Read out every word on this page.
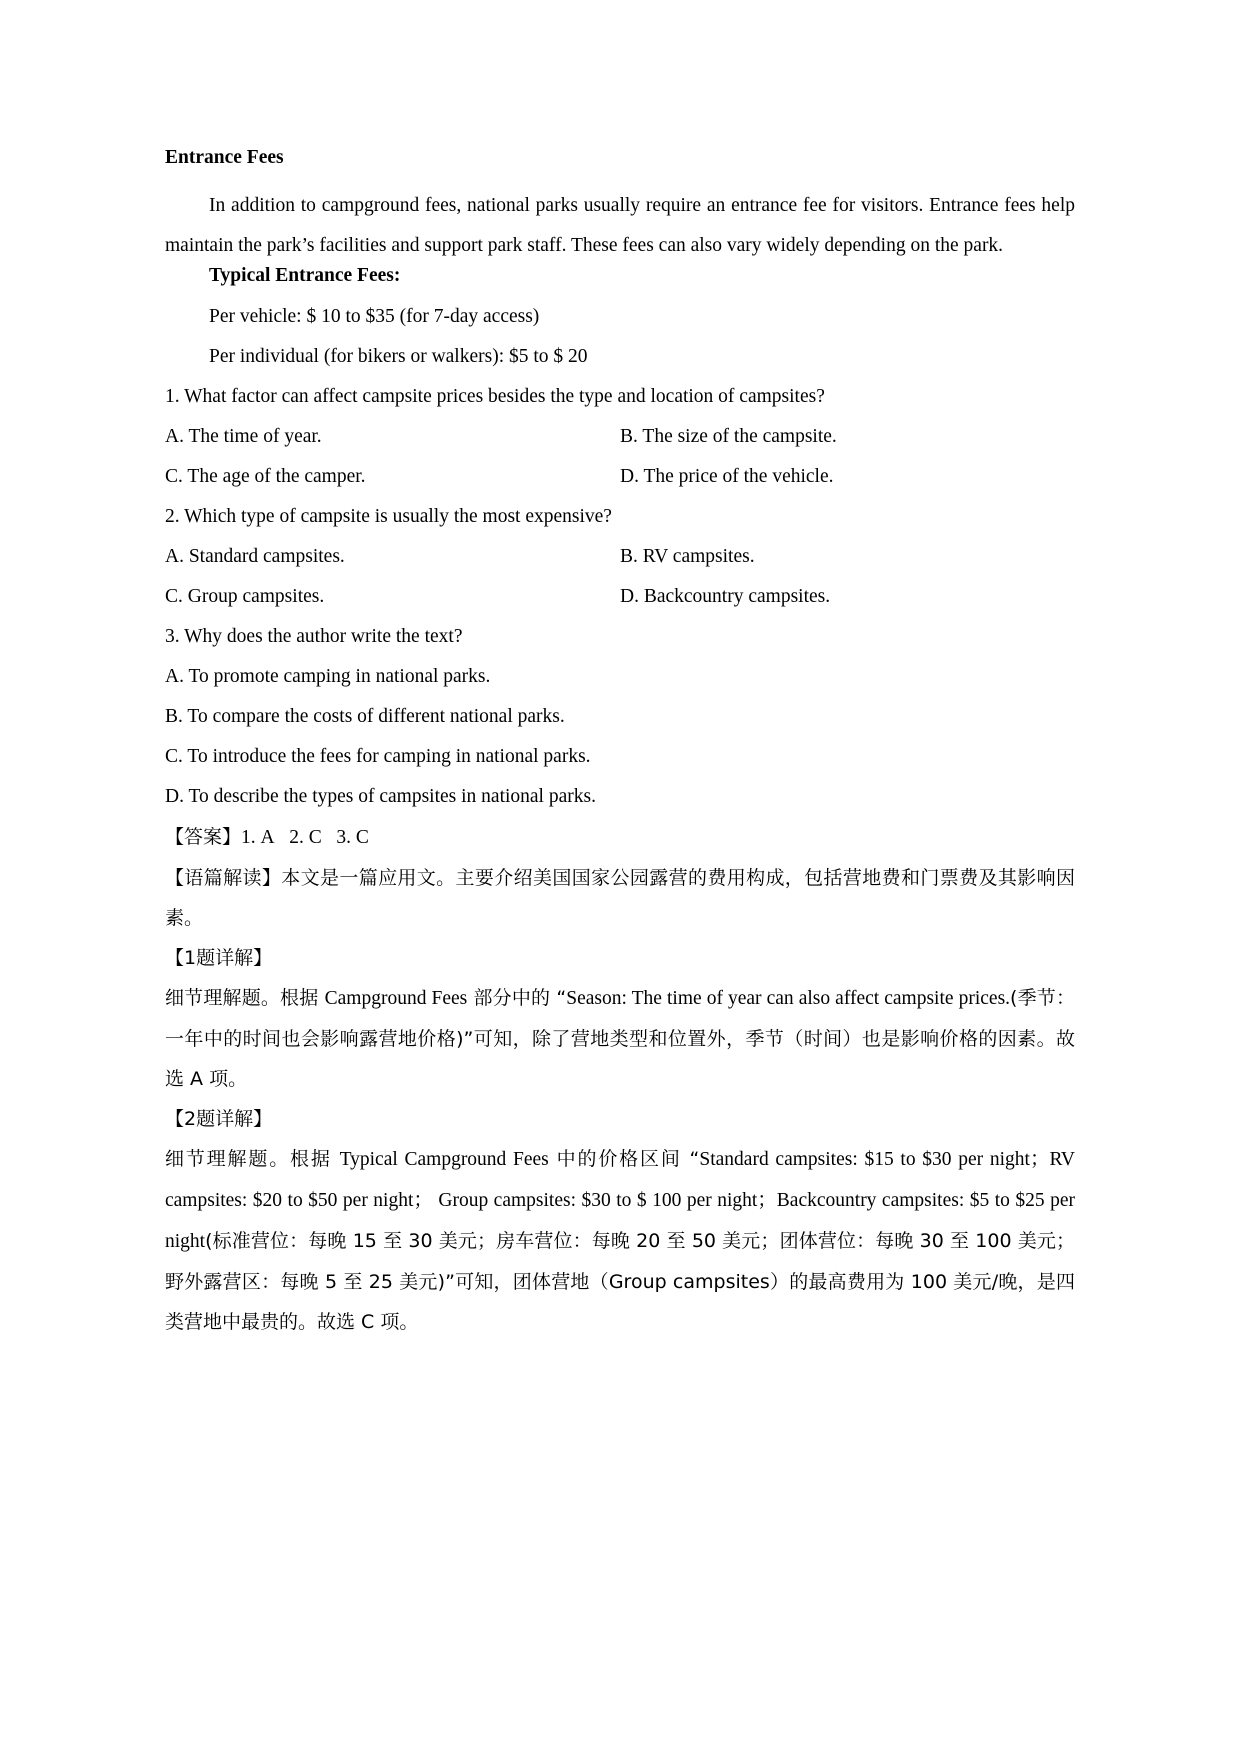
Entrance Fees

In addition to campground fees, national parks usually require an entrance fee for visitors. Entrance fees help maintain the park’s facilities and support park staff. These fees can also vary widely depending on the park.

Typical Entrance Fees:

Per vehicle: $ 10 to $35 (for 7-day access)

Per individual (for bikers or walkers): $5 to $ 20

1. What factor can affect campsite prices besides the type and location of campsites?

A. The time of year.	B. The size of the campsite.
C. The age of the camper.	D. The price of the vehicle.

2. Which type of campsite is usually the most expensive?

A. Standard campsites.	B. RV campsites.
C. Group campsites.	D. Backcountry campsites.

3. Why does the author write the text?

A. To promote camping in national parks.

B. To compare the costs of different national parks.

C. To introduce the fees for camping in national parks.

D. To describe the types of campsites in national parks.

【答案】1. A   2. C   3. C

【语篇解读】本文是一篇应用文。主要介绍美国国家公园露营的费用构成，包括营地费和门票费及其影响因素。

【1题详解】

细节理解题。根据 Campground Fees 部分中的 “Season: The time of year can also affect campsite prices.(季节：一年中的时间也会影响露营地价格)”可知，除了营地类型和位置外，季节（时间）也是影响价格的因素。故选 A 项。

【2题详解】

细节理解题。根据 Typical Campground Fees 中的价格区间 “Standard campsites: $15 to $30 per night；RV campsites: $20 to $50 per night； Group campsites: $30 to $ 100 per night；Backcountry campsites: $5 to $25 per night(标准营位：每晚 15 至 30 美元；房车营位：每晚 20 至 50 美元；团体营位：每晚 30 至 100 美元；野外露营区：每晚 5 至 25 美元)”可知，团体营地（Group campsites）的最高费用为 100 美元/晚，是四类营地中最贵的。故选 C 项。
